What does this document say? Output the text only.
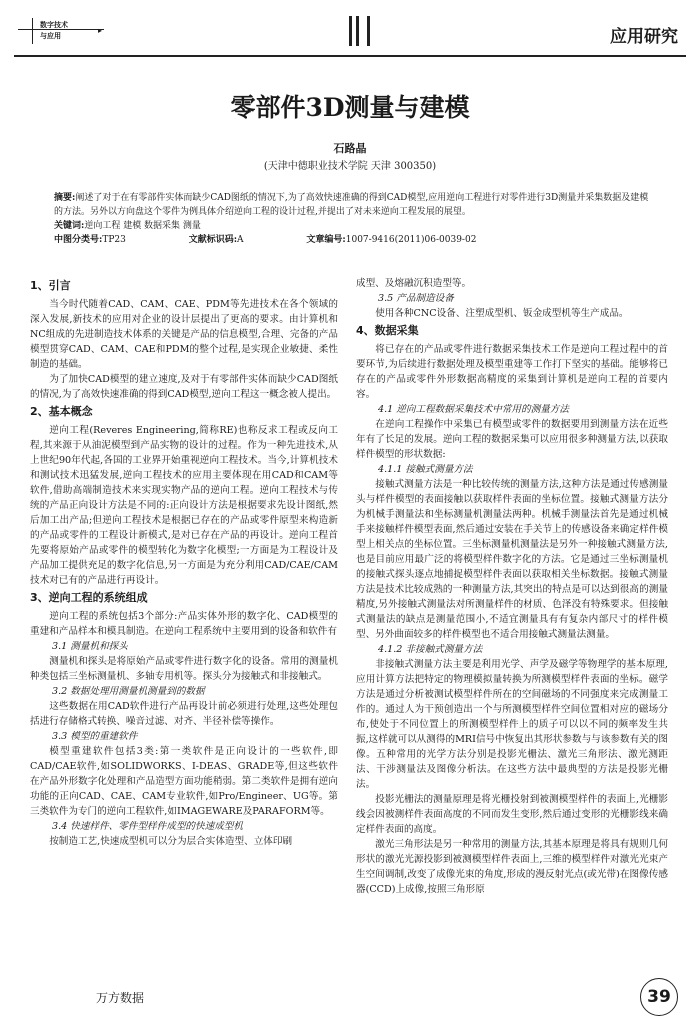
数字技术
与应用
▸	应用研究
零部件3D测量与建模
石路晶
(天津中德职业技术学院 天津 300350)
摘要:阐述了对于在有零部件实体而缺少CAD图纸的情况下,为了高效快速准确的得到CAD模型,应用逆向工程进行对零件进行3D测量并采集数据及建模的方法。另外以方向盘这个零件为例具体介绍逆向工程的设计过程,并提出了对未来逆向工程发展的展望。
关键词:逆向工程 建模 数据采集 测量
中图分类号:TP23	文献标识码:A	文章编号:1007-9416(2011)06-0039-02
1、引言

当今时代随着CAD、CAM、CAE、PDM等先进技术在各个领域的深入发展,新技术的应用对企业的设计层提出了更高的要求。由计算机和NC组成的先进制造技术体系的关键是产品的信息模型,合理、完备的产品模型贯穿CAD、CAM、CAE和PDM的整个过程,是实现企业敏捷、柔性制造的基础。

为了加快CAD模型的建立速度,及对于有零部件实体而缺少CAD图纸的情况,为了高效快速准确的得到CAD模型,逆向工程这一概念被人提出。

2、基本概念

逆向工程(Reveres Engineering,简称RE)也称反求工程或反向工程,其来源于从油泥模型到产品实物的设计的过程。作为一种先进技术,从上世纪90年代起,各国的工业界开始重视逆向工程技术。当今,计算机技术和测试技术迅猛发展,逆向工程技术的应用主要体现在用CAD和CAM等软件,借助高端制造技术来实现实物产品的逆向工程。逆向工程技术与传统的产品正向设计方法是不同的:正向设计方法是根据要求先设计图纸,然后加工出产品;但逆向工程技术是根据已存在的产品或零件原型来构造新的产品或零件的工程设计新模式,是对已存在产品的再设计。逆向工程首先要将原始产品或零件的模型转化为数字化模型;一方面是为工程设计及产品加工提供充足的数字化信息,另一方面是为充分利用CAD/CAE/CAM技术对已有的产品进行再设计。

3、逆向工程的系统组成

逆向工程的系统包括3个部分:产品实体外形的数字化、CAD模型的重建和产品样本和模具制造。在逆向工程系统中主要用到的设备和软件有

3.1 测量机和探头

测量机和探头是将原始产品或零件进行数字化的设备。常用的测量机种类包括三坐标测量机、多轴专用机等。探头分为接触式和非接触式。

3.2 数据处理用测量机测量到的数据

这些数据在用CAD软件进行产品再设计前必须进行处理,这些处理包括进行存储格式转换、噪音过滤、对齐、半径补偿等操作。

3.3 模型的重建软件

模型重建软件包括3类:第一类软件是正向设计的一些软件,即CAD/CAE软件,如SOLIDWORKS、I-DEAS、GRADE等,但这些软件在产品外形数字化处理和产品造型方面功能稍弱。第二类软件是拥有逆向功能的正向CAD、CAE、CAM专业软件,如Pro/Engineer、UG等。第三类软件为专门的逆向工程软件,如IMAGEWARE及PARAFORM等。

3.4 快速样件、零件型样件成型的快速成型机

按制造工艺,快速成型机可以分为层合实体造型、立体印刷

成型、及熔融沉积造型等。

3.5 产品制造设备

使用各种CNC设备、注塑成型机、钣金成型机等生产成品。

4、数据采集

将已存在的产品或零件进行数据采集技术工作是逆向工程过程中的首要环节,为后续进行数据处理及模型重建等工作打下坚实的基础。能够将已存在的产品或零件外形数据高精度的采集到计算机是逆向工程的首要内容。

4.1 逆向工程数据采集技术中常用的测量方法

在逆向工程操作中采集已有模型或零件的数据要用到测量方法在近些年有了长足的发展。逆向工程的数据采集可以应用很多种测量方法,以获取样件模型的形状数据:

4.1.1 接触式测量方法

接触式测量方法是一种比较传统的测量方法,这种方法是通过传感测量头与样件模型的表面接触以获取样件表面的坐标位置。接触式测量方法分为机械手测量法和坐标测量机测量法两种。机械手测量法首先是通过机械手来接触样件模型表面,然后通过安装在手关节上的传感设备来确定样件模型上相关点的坐标位置。三坐标测量机测量法是另外一种接触式测量方法,也是目前应用最广泛的将模型样件数字化的方法。它是通过三坐标测量机的接触式探头逐点地捕捉模型样件表面以获取相关坐标数据。接触式测量方法是技术比较成熟的一种测量方法,其突出的特点是可以达到很高的测量精度,另外接触式测量法对所测量样件的材质、色泽没有特殊要求。但接触式测量法的缺点是测量范围小,不适宜测量具有有复杂内部尺寸的样件模型、另外曲面较多的样件模型也不适合用接触式测量法测量。

4.1.2 非接触式测量方法

非接触式测量方法主要是利用光学、声学及磁学等物理学的基本原理,应用计算方法把特定的物理模拟量转换为所测模型样件表面的坐标。磁学方法是通过分析被测试模型样件所在的空间磁场的不同强度来完成测量工作的。通过人为干预创造出一个与所测模型样件空间位置相对应的磁场分布,使处于不同位置上的所测模型样件上的质子可以以不同的频率发生共振,这样就可以从测得的MRI信号中恢复出其形状参数与与该参数有关的图像。五种常用的光学方法分别是投影光栅法、激光三角形法、激光测距法、干涉测量法及图像分析法。在这些方法中最典型的方法是投影光栅法。

投影光栅法的测量原理是将光栅投射到被测模型样件的表面上,光栅影线会因被测样件表面高度的不同而发生变形,然后通过变形的光栅影线来确定样件表面的高度。

激光三角形法是另一种常用的测量方法,其基本原理是将具有规则几何形状的激光光源投影到被测模型样件表面上,三维的模型样件对激光光束产生空间调制,改变了成像光束的角度,形成的漫反射光点(或光带)在图像传感器(CCD)上成像,按照三角形原

万方数据	39
